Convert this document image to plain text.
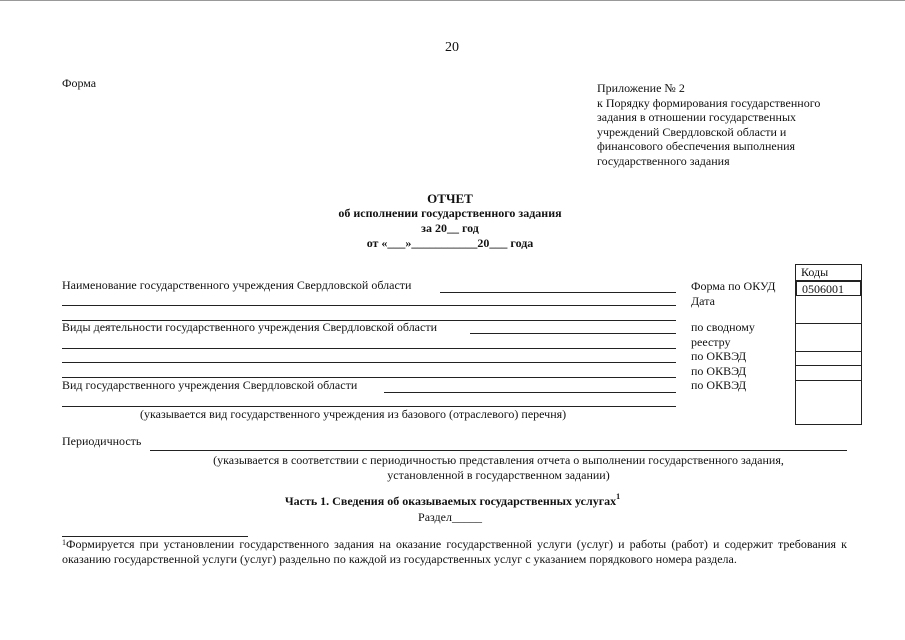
20
Форма	Приложение № 2
к Порядку формирования государственного
задания в отношении государственных
учреждений Свердловской области и
финансового обеспечения выполнения
государственного задания
ОТЧЕТ
об исполнении государственного задания
за 20__ год
от «___»___________20___ года
Наименование государственного учреждения Свердловской области
Виды деятельности государственного учреждения Свердловской области
Вид государственного учреждения Свердловской области
(указывается вид государственного учреждения из базового (отраслевого) перечня)
Периодичность
(указывается в соответствии с периодичностью представления отчета о выполнении государственного задания,
установленной в государственном задании)
Форма по ОКУД
Дата
по сводному
реестру
по ОКВЭД
по ОКВЭД
по ОКВЭД
Коды
0506001
Часть 1. Сведения об оказываемых государственных услугах$^1$
Раздел_____
$^1$Формируется при установлении государственного задания на оказание государственной услуги (услуг) и работы (работ) и содержит требования к оказанию государственной услуги (услуг) раздельно по каждой из государственных услуг с указанием порядкового номера раздела.
